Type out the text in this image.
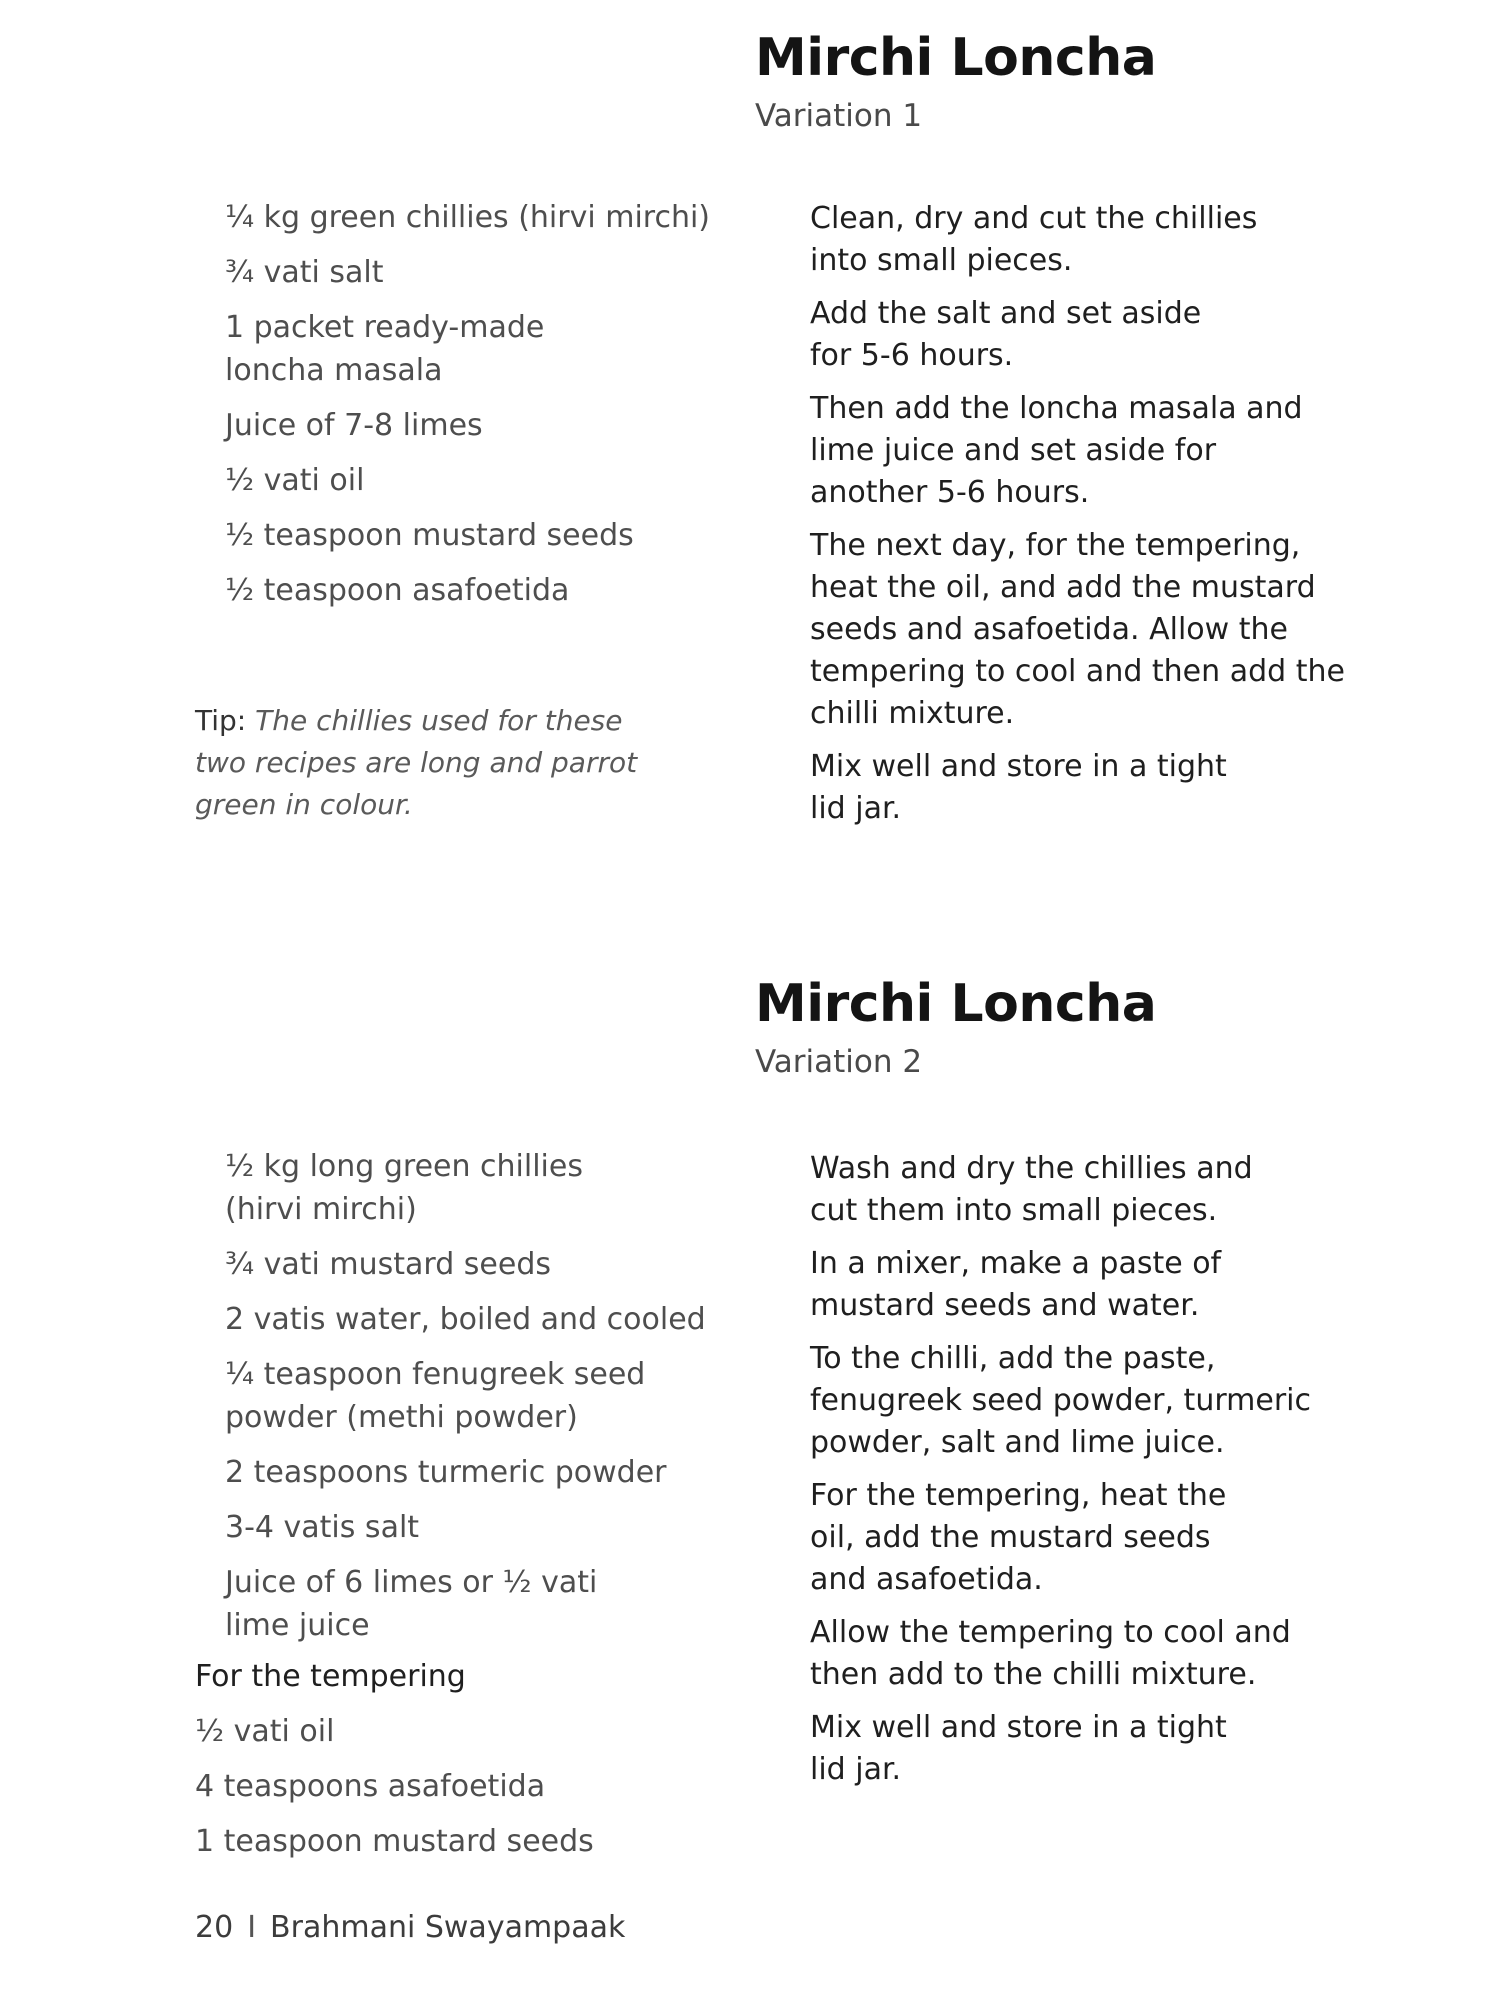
Mirchi Loncha
Variation 1
¼ kg green chillies (hirvi mirchi)
¾ vati salt
1 packet ready-made loncha masala
Juice of 7-8 limes
½ vati oil
½ teaspoon mustard seeds
½ teaspoon asafoetida

Tip: The chillies used for these two recipes are long and parrot green in colour.

Clean, dry and cut the chillies into small pieces.
Add the salt and set aside for 5-6 hours.
Then add the loncha masala and lime juice and set aside for another 5-6 hours.
The next day, for the tempering, heat the oil, and add the mustard seeds and asafoetida. Allow the tempering to cool and then add the chilli mixture.
Mix well and store in a tight lid jar.
Mirchi Loncha
Variation 2
½ kg long green chillies (hirvi mirchi)
¾ vati mustard seeds
2 vatis water, boiled and cooled
¼ teaspoon fenugreek seed powder (methi powder)
2 teaspoons turmeric powder
3-4 vatis salt
Juice of 6 limes or ½ vati lime juice
For the tempering
½ vati oil
4 teaspoons asafoetida
1 teaspoon mustard seeds
Wash and dry the chillies and cut them into small pieces.
In a mixer, make a paste of mustard seeds and water.
To the chilli, add the paste, fenugreek seed powder, turmeric powder, salt and lime juice.
For the tempering, heat the oil, add the mustard seeds and asafoetida.
Allow the tempering to cool and then add to the chilli mixture.
Mix well and store in a tight lid jar.
20 I Brahmani Swayampaak
